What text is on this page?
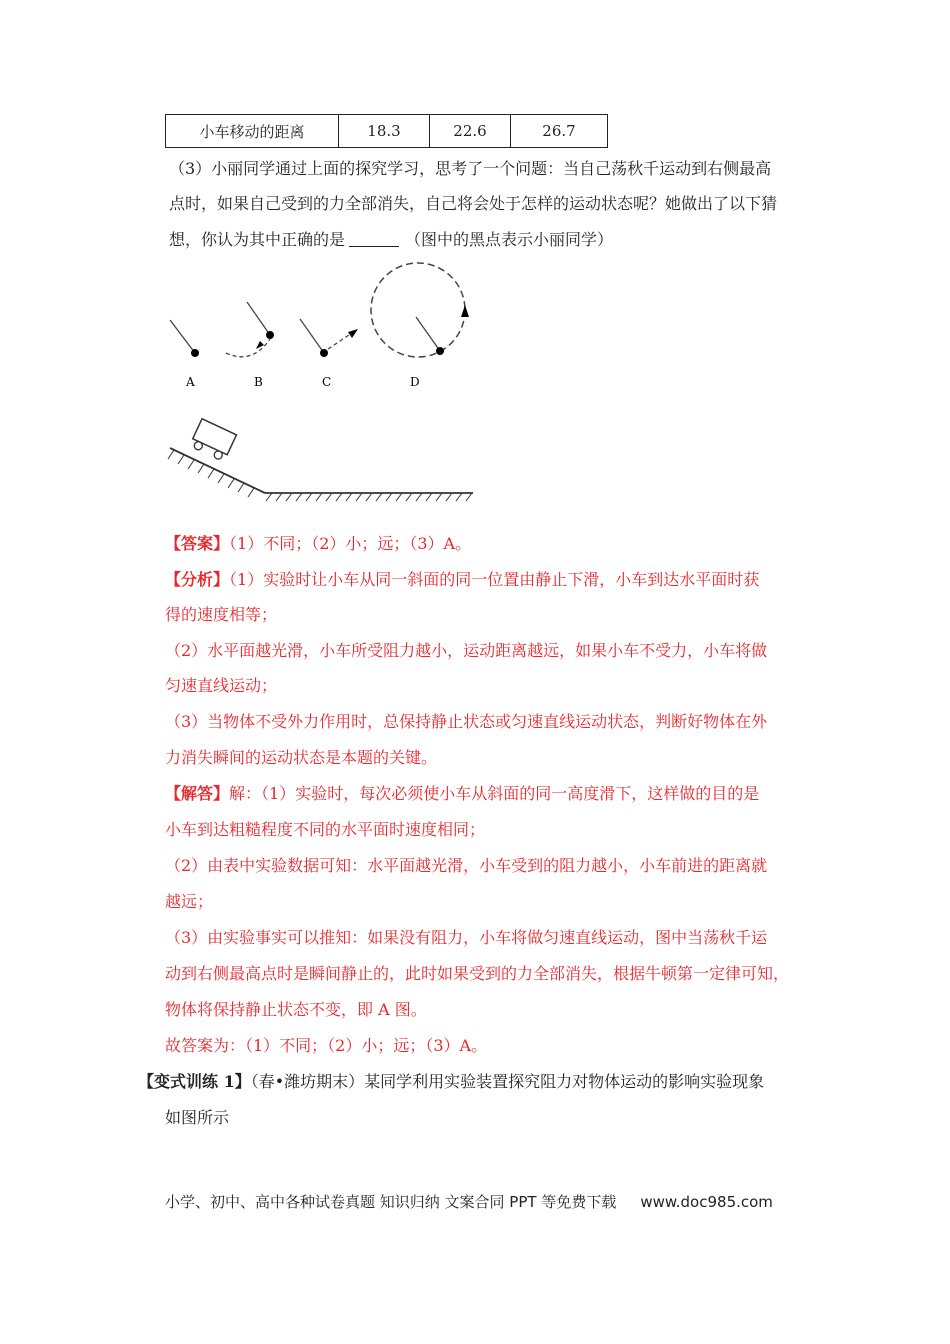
小车移动的距离	18.3	22.6	26.7
（3）小丽同学通过上面的探究学习，思考了一个问题：当自己荡秋千运动到右侧最高
点时，如果自己受到的力全部消失，自己将会处于怎样的运动状态呢？她做出了以下猜
想，你认为其中正确的是	（图中的黑点表示小丽同学）
A	B	C	D
【答案】（1）不同；（2）小；远；（3）A。
【分析】（1）实验时让小车从同一斜面的同一位置由静止下滑，小车到达水平面时获
得的速度相等；
（2）水平面越光滑，小车所受阻力越小，运动距离越远，如果小车不受力，小车将做
匀速直线运动；
（3）当物体不受外力作用时，总保持静止状态或匀速直线运动状态，判断好物体在外
力消失瞬间的运动状态是本题的关键。
【解答】解：（1）实验时，每次必须使小车从斜面的同一高度滑下，这样做的目的是
小车到达粗糙程度不同的水平面时速度相同；
（2）由表中实验数据可知：水平面越光滑，小车受到的阻力越小，小车前进的距离就
越远；
（3）由实验事实可以推知：如果没有阻力，小车将做匀速直线运动，图中当荡秋千运
动到右侧最高点时是瞬间静止的，此时如果受到的力全部消失，根据牛顿第一定律可知，
物体将保持静止状态不变，即 A 图。
故答案为：（1）不同；（2）小；远；（3）A。
【变式训练 1】（春•潍坊期末）某同学利用实验装置探究阻力对物体运动的影响实验现象
如图所示
小学、初中、高中各种试卷真题 知识归纳 文案合同 PPT 等免费下载 www.doc985.com
